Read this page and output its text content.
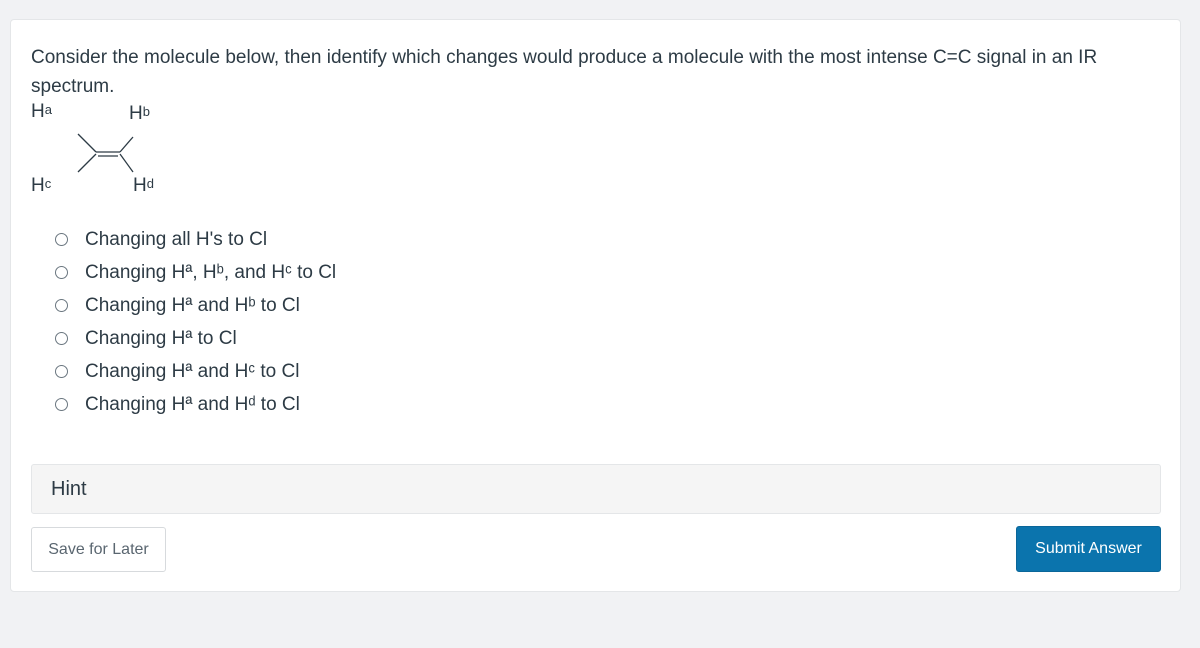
Consider the molecule below, then identify which changes would produce a molecule with the most intense C=C signal in an IR spectrum.
$H^a$	$H^b$
$H^c$	$H^d$
Changing all H's to Cl
Changing Hª, Hᵇ, and Hᶜ to Cl
Changing Hª and Hᵇ to Cl
Changing Hª to Cl
Changing Hª and Hᶜ to Cl
Changing Hª and Hᵈ to Cl
Hint
Save for Later	Submit Answer
